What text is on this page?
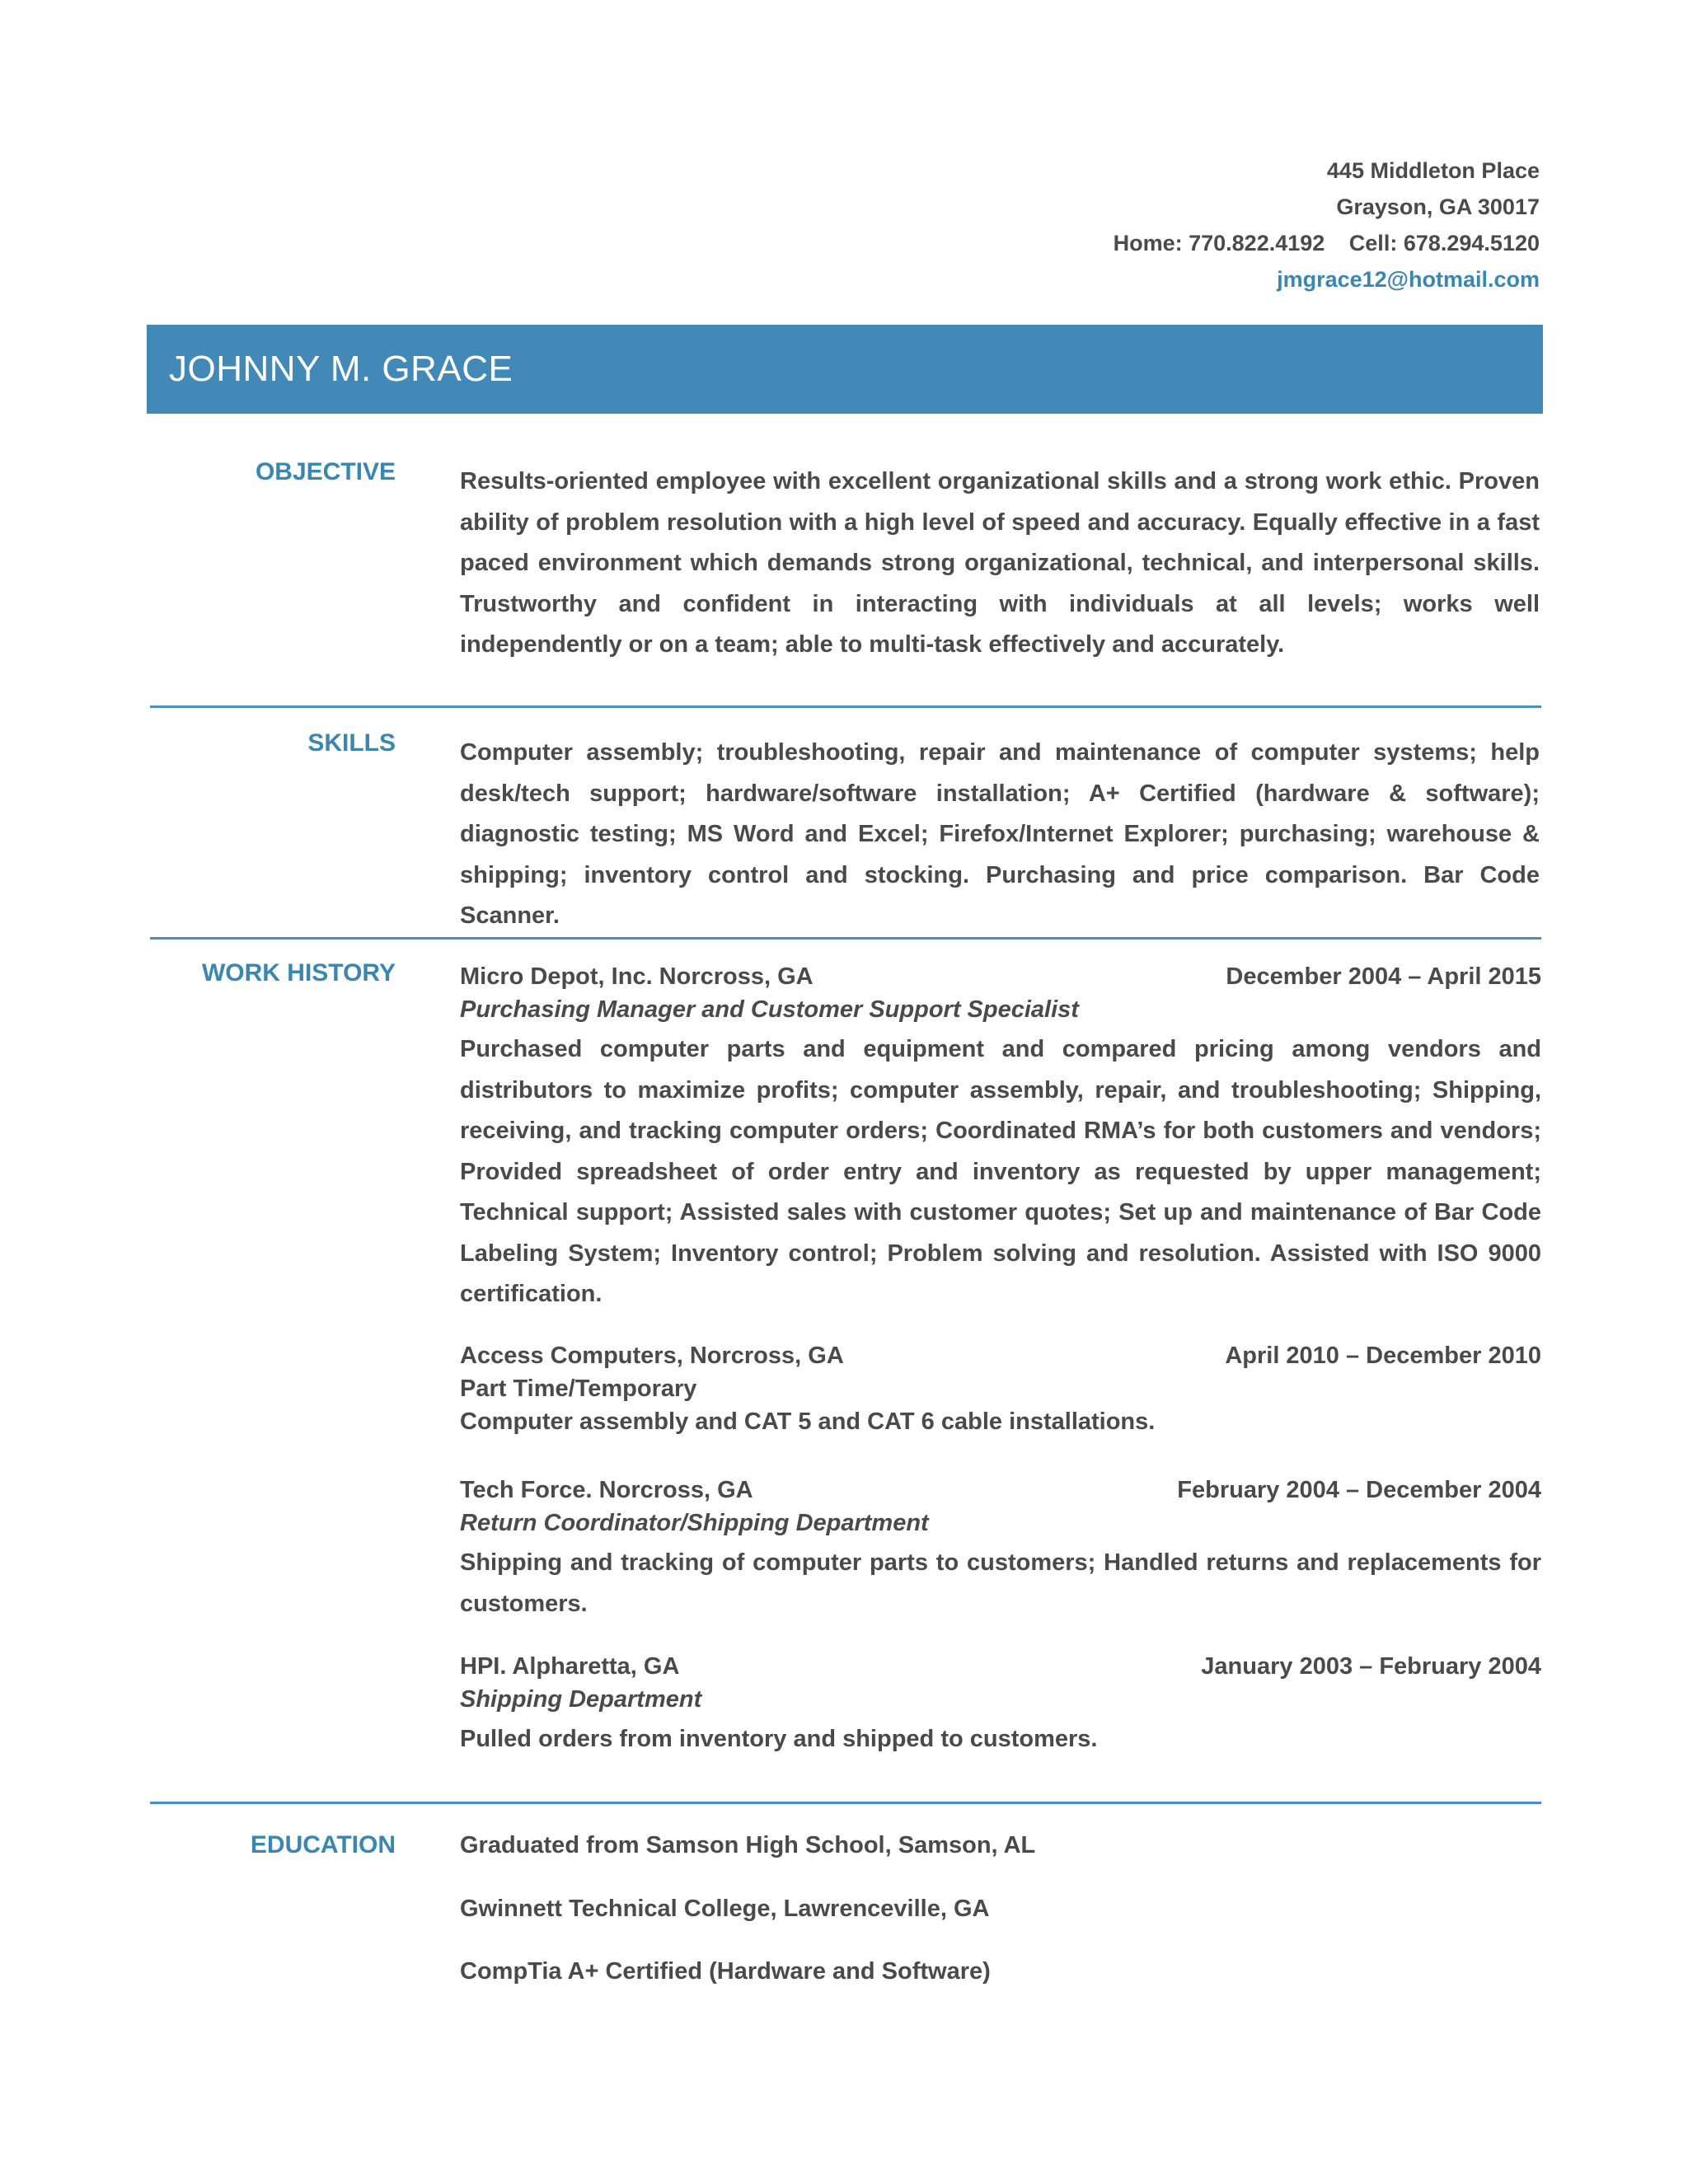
445 Middleton Place
Grayson, GA 30017
Home: 770.822.4192 Cell: 678.294.5120
jmgrace12@hotmail.com
JOHNNY M. GRACE
OBJECTIVE	Results-oriented employee with excellent organizational skills and a strong work ethic. Proven ability of problem resolution with a high level of speed and accuracy. Equally effective in a fast paced environment which demands strong organizational, technical, and interpersonal skills. Trustworthy and confident in interacting with individuals at all levels; works well independently or on a team; able to multi-task effectively and accurately.
SKILLS	Computer assembly; troubleshooting, repair and maintenance of computer systems; help desk/tech support; hardware/software installation; A+ Certified (hardware & software); diagnostic testing; MS Word and Excel; Firefox/Internet Explorer; purchasing; warehouse & shipping; inventory control and stocking. Purchasing and price comparison. Bar Code Scanner.
WORK HISTORY	Micro Depot, Inc. Norcross, GA	December 2004 – April 2015
Purchasing Manager and Customer Support Specialist
Purchased computer parts and equipment and compared pricing among vendors and distributors to maximize profits; computer assembly, repair, and troubleshooting; Shipping, receiving, and tracking computer orders; Coordinated RMA’s for both customers and vendors; Provided spreadsheet of order entry and inventory as requested by upper management; Technical support; Assisted sales with customer quotes; Set up and maintenance of Bar Code Labeling System; Inventory control; Problem solving and resolution. Assisted with ISO 9000 certification.
Access Computers, Norcross, GA	April 2010 – December 2010
Part Time/Temporary
Computer assembly and CAT 5 and CAT 6 cable installations.
Tech Force. Norcross, GA	February 2004 – December 2004
Return Coordinator/Shipping Department
Shipping and tracking of computer parts to customers; Handled returns and replacements for customers.
HPI. Alpharetta, GA	January 2003 – February 2004
Shipping Department
Pulled orders from inventory and shipped to customers.
EDUCATION	Graduated from Samson High School, Samson, AL
Gwinnett Technical College, Lawrenceville, GA
CompTia A+ Certified (Hardware and Software)
